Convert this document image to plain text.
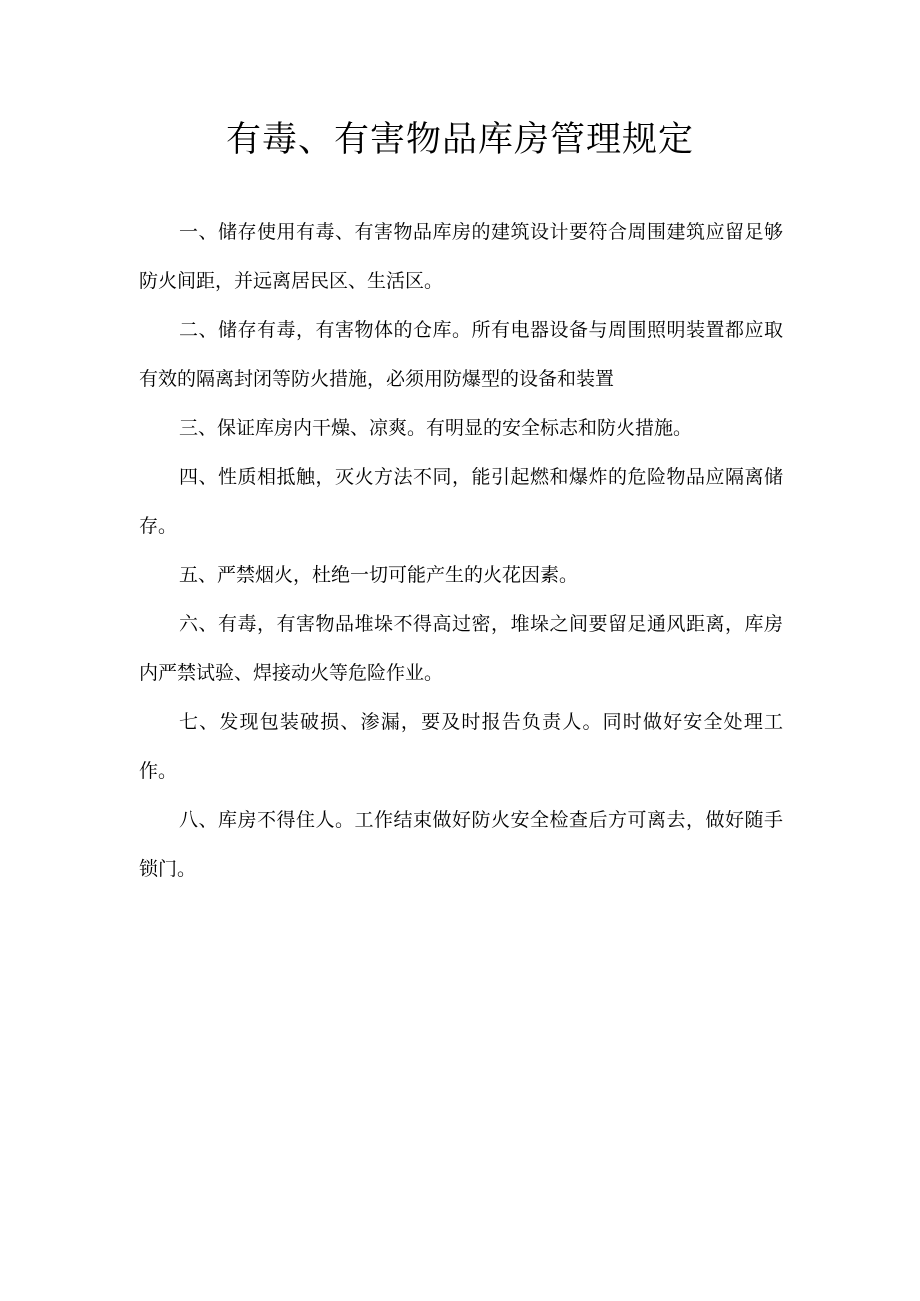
有毒、有害物品库房管理规定

一、储存使用有毒、有害物品库房的建筑设计要符合周围建筑应留足够防火间距，并远离居民区、生活区。

二、储存有毒，有害物体的仓库。所有电器设备与周围照明装置都应取有效的隔离封闭等防火措施，必须用防爆型的设备和装置

三、保证库房内干燥、凉爽。有明显的安全标志和防火措施。

四、性质相抵触，灭火方法不同，能引起燃和爆炸的危险物品应隔离储存。

五、严禁烟火，杜绝一切可能产生的火花因素。

六、有毒，有害物品堆垛不得高过密，堆垛之间要留足通风距离，库房内严禁试验、焊接动火等危险作业。

七、发现包装破损、渗漏，要及时报告负责人。同时做好安全处理工作。

八、库房不得住人。工作结束做好防火安全检查后方可离去，做好随手锁门。
